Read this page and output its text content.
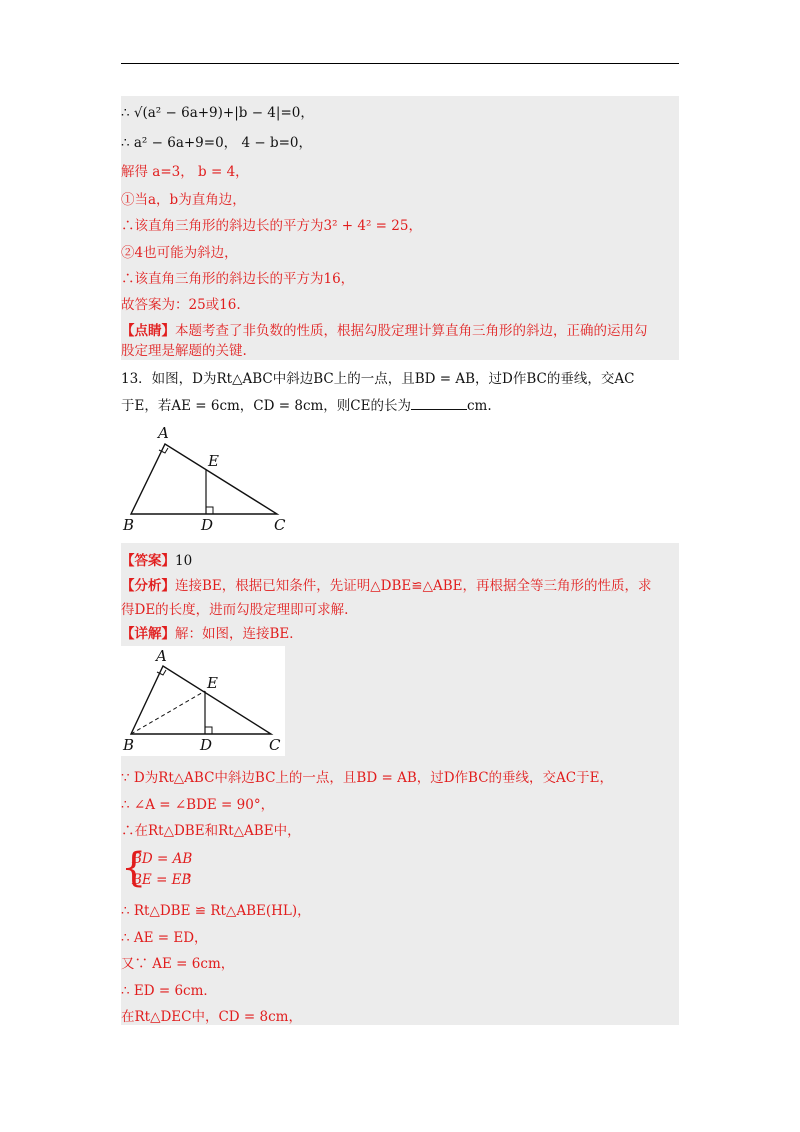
∴ √(a² − 6a+9)+|b − 4|=0，
∴ a² − 6a+9=0， 4 − b=0，
解得 a=3， b = 4，
①当a，b为直角边，
∴该直角三角形的斜边长的平方为3² + 4² = 25，
②4也可能为斜边，
∴该直角三角形的斜边长的平方为16，
故答案为：25或16.
【点睛】本题考查了非负数的性质，根据勾股定理计算直角三角形的斜边，正确的运用勾
股定理是解题的关键.
13．如图，D为Rt△ABC中斜边BC上的一点，且BD = AB，过D作BC的垂线，交AC
于E，若AE = 6cm，CD = 8cm，则CE的长为	cm.
A
E
B	D	C
【答案】10
【分析】连接BE，根据已知条件，先证明△DBE≌△ABE，再根据全等三角形的性质，求
得DE的长度，进而勾股定理即可求解.
【详解】解：如图，连接BE．
A
E
B	D	C
∵ D为Rt△ABC中斜边BC上的一点，且BD = AB，过D作BC的垂线，交AC于E，
∴ ∠A = ∠BDE = 90°，
∴在Rt△DBE和Rt△ABE中，
{
BD = AB
BE = EB
，
∴ Rt△DBE ≌ Rt△ABE(HL)，
∴ AE = ED，
又∵ AE = 6cm，
∴ ED = 6cm．
在Rt△DEC中，CD = 8cm，
